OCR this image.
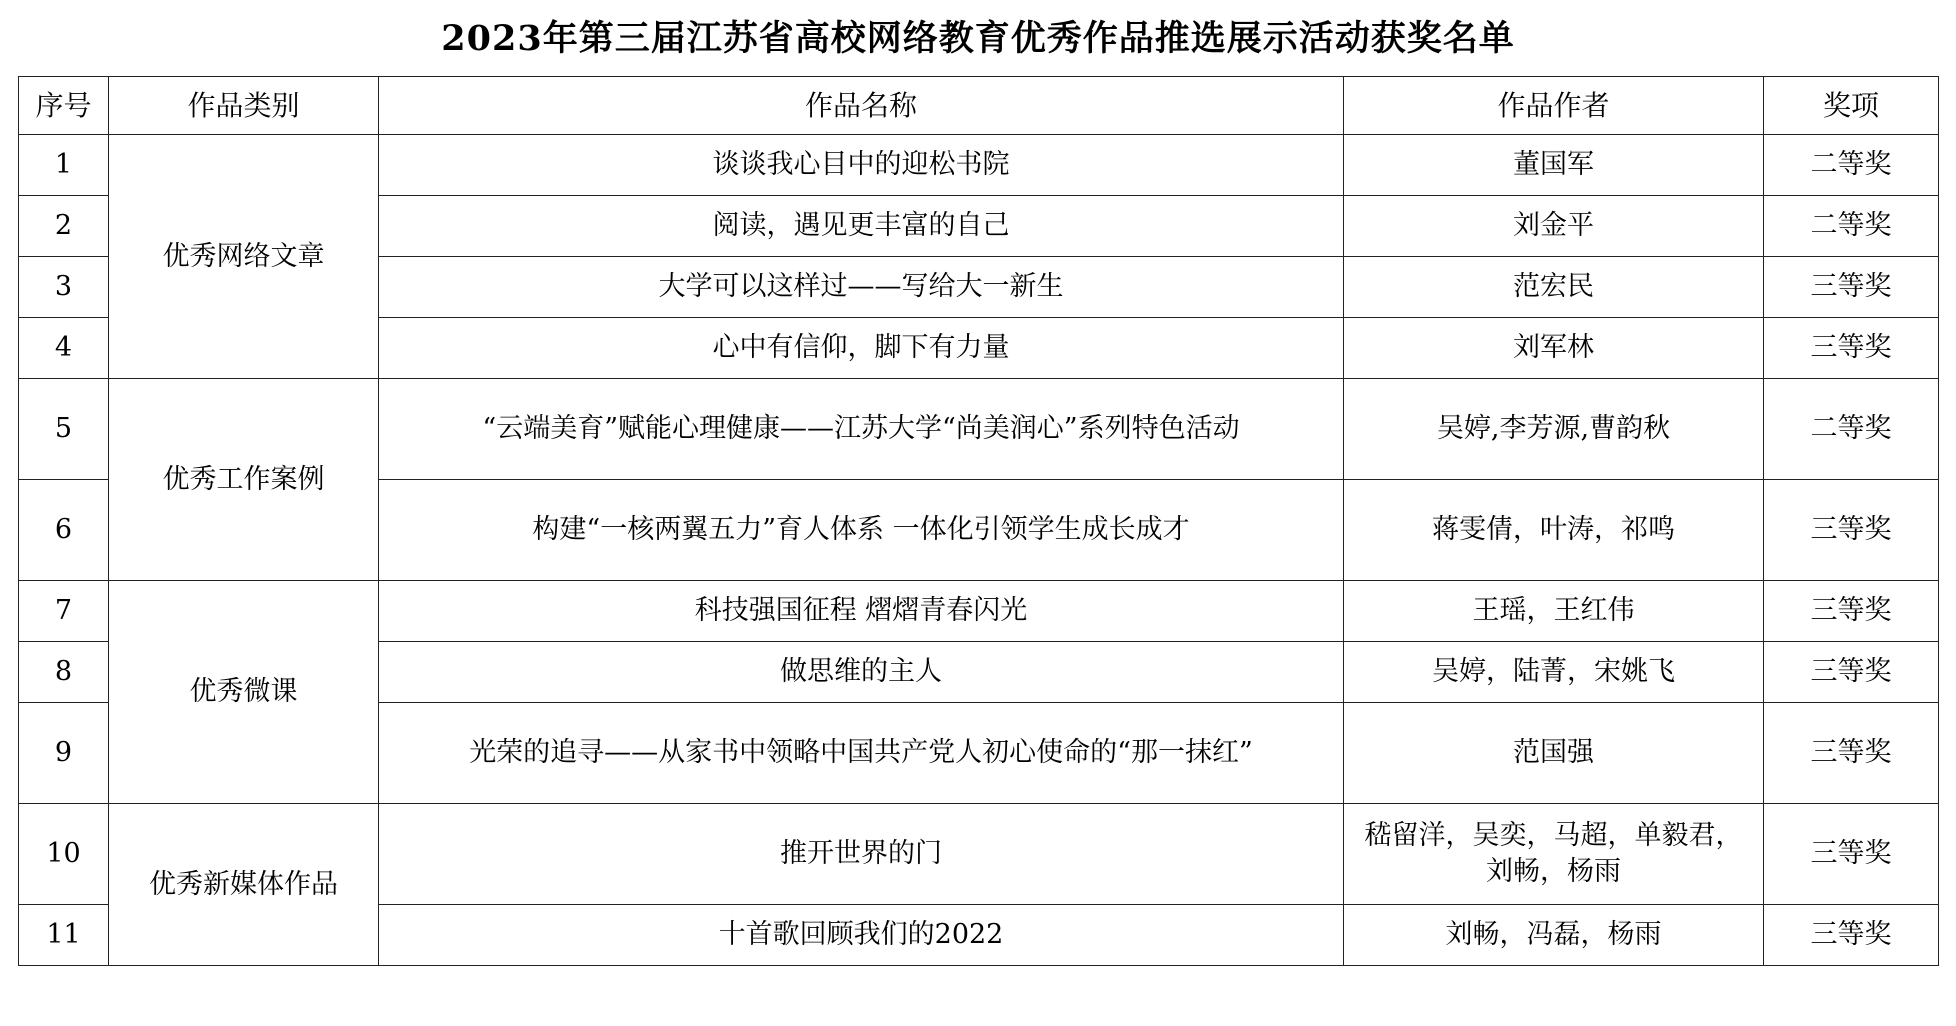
2023年第三届江苏省高校网络教育优秀作品推选展示活动获奖名单
序号	作品类别	作品名称	作品作者	奖项
1	优秀网络文章	谈谈我心目中的迎松书院	董国军	二等奖
2		阅读，遇见更丰富的自己	刘金平	二等奖
3		大学可以这样过——写给大一新生	范宏民	三等奖
4		心中有信仰，脚下有力量	刘军林	三等奖
5	优秀工作案例	“云端美育”赋能心理健康——江苏大学“尚美润心”系列特色活动	吴婷,李芳源,曹韵秋	二等奖
6		构建“一核两翼五力”育人体系 一体化引领学生成长成才	蒋雯倩，叶涛，祁鸣	三等奖
7	优秀微课	科技强国征程 熠熠青春闪光	王瑶，王红伟	三等奖
8		做思维的主人	吴婷，陆菁，宋姚飞	三等奖
9		光荣的追寻——从家书中领略中国共产党人初心使命的“那一抹红”	范国强	三等奖
10	优秀新媒体作品	推开世界的门	嵇留洋，吴奕，马超，单毅君，刘畅，杨雨	三等奖
11		十首歌回顾我们的2022	刘畅，冯磊，杨雨	三等奖
